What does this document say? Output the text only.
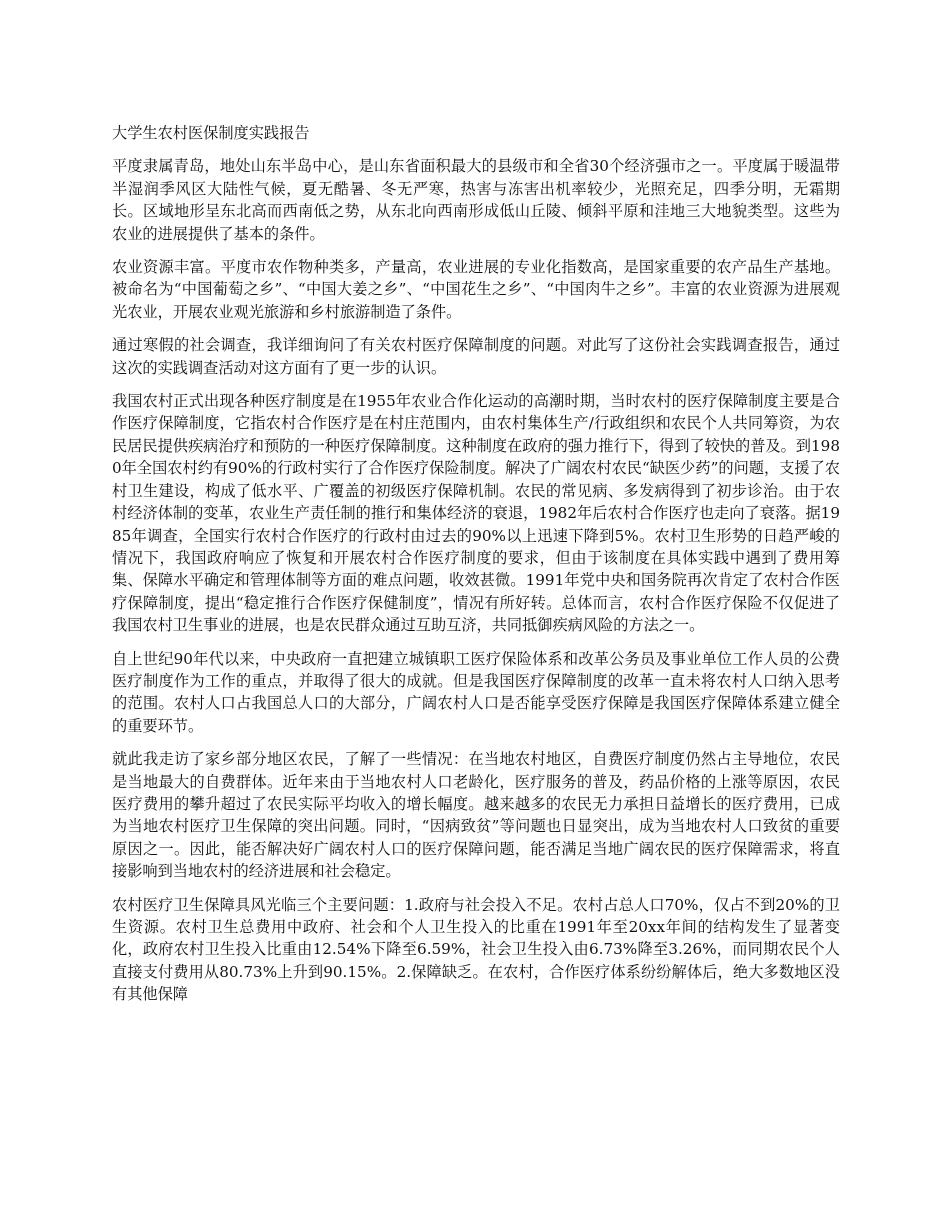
大学生农村医保制度实践报告

平度隶属青岛，地处山东半岛中心，是山东省面积最大的县级市和全省30个经济强市之一。平度属于暖温带半湿润季风区大陆性气候，夏无酷暑、冬无严寒，热害与冻害出机率较少，光照充足，四季分明，无霜期长。区域地形呈东北高而西南低之势，从东北向西南形成低山丘陵、倾斜平原和洼地三大地貌类型。这些为农业的进展提供了基本的条件。

农业资源丰富。平度市农作物种类多，产量高，农业进展的专业化指数高，是国家重要的农产品生产基地。被命名为“中国葡萄之乡”、“中国大姜之乡”、“中国花生之乡”、“中国肉牛之乡”。丰富的农业资源为进展观光农业，开展农业观光旅游和乡村旅游制造了条件。

通过寒假的社会调查，我详细询问了有关农村医疗保障制度的问题。对此写了这份社会实践调查报告，通过这次的实践调查活动对这方面有了更一步的认识。

我国农村正式出现各种医疗制度是在1955年农业合作化运动的高潮时期，当时农村的医疗保障制度主要是合作医疗保障制度，它指农村合作医疗是在村庄范围内，由农村集体生产/行政组织和农民个人共同筹资，为农民居民提供疾病治疗和预防的一种医疗保障制度。这种制度在政府的强力推行下，得到了较快的普及。到1980年全国农村约有90%的行政村实行了合作医疗保险制度。解决了广阔农村农民“缺医少药”的问题，支援了农村卫生建设，构成了低水平、广覆盖的初级医疗保障机制。农民的常见病、多发病得到了初步诊治。由于农村经济体制的变革，农业生产责任制的推行和集体经济的衰退，1982年后农村合作医疗也走向了衰落。据1985年调查，全国实行农村合作医疗的行政村由过去的90%以上迅速下降到5%。农村卫生形势的日趋严峻的情况下，我国政府响应了恢复和开展农村合作医疗制度的要求，但由于该制度在具体实践中遇到了费用筹集、保障水平确定和管理体制等方面的难点问题，收效甚微。1991年党中央和国务院再次肯定了农村合作医疗保障制度，提出“稳定推行合作医疗保健制度”，情况有所好转。总体而言，农村合作医疗保险不仅促进了我国农村卫生事业的进展，也是农民群众通过互助互济，共同抵御疾病风险的方法之一。

自上世纪90年代以来，中央政府一直把建立城镇职工医疗保险体系和改革公务员及事业单位工作人员的公费医疗制度作为工作的重点，并取得了很大的成就。但是我国医疗保障制度的改革一直未将农村人口纳入思考的范围。农村人口占我国总人口的大部分，广阔农村人口是否能享受医疗保障是我国医疗保障体系建立健全的重要环节。

就此我走访了家乡部分地区农民，了解了一些情况：在当地农村地区，自费医疗制度仍然占主导地位，农民是当地最大的自费群体。近年来由于当地农村人口老龄化，医疗服务的普及，药品价格的上涨等原因，农民医疗费用的攀升超过了农民实际平均收入的增长幅度。越来越多的农民无力承担日益增长的医疗费用，已成为当地农村医疗卫生保障的突出问题。同时，“因病致贫”等问题也日显突出，成为当地农村人口致贫的重要原因之一。因此，能否解决好广阔农村人口的医疗保障问题，能否满足当地广阔农民的医疗保障需求，将直接影响到当地农村的经济进展和社会稳定。

农村医疗卫生保障具风光临三个主要问题：1.政府与社会投入不足。农村占总人口70%，仅占不到20%的卫生资源。农村卫生总费用中政府、社会和个人卫生投入的比重在1991年至20xx年间的结构发生了显著变化，政府农村卫生投入比重由12.54%下降至6.59%，社会卫生投入由6.73%降至3.26%，而同期农民个人直接支付费用从80.73%上升到90.15%。2.保障缺乏。在农村，合作医疗体系纷纷解体后，绝大多数地区没有其他保障
